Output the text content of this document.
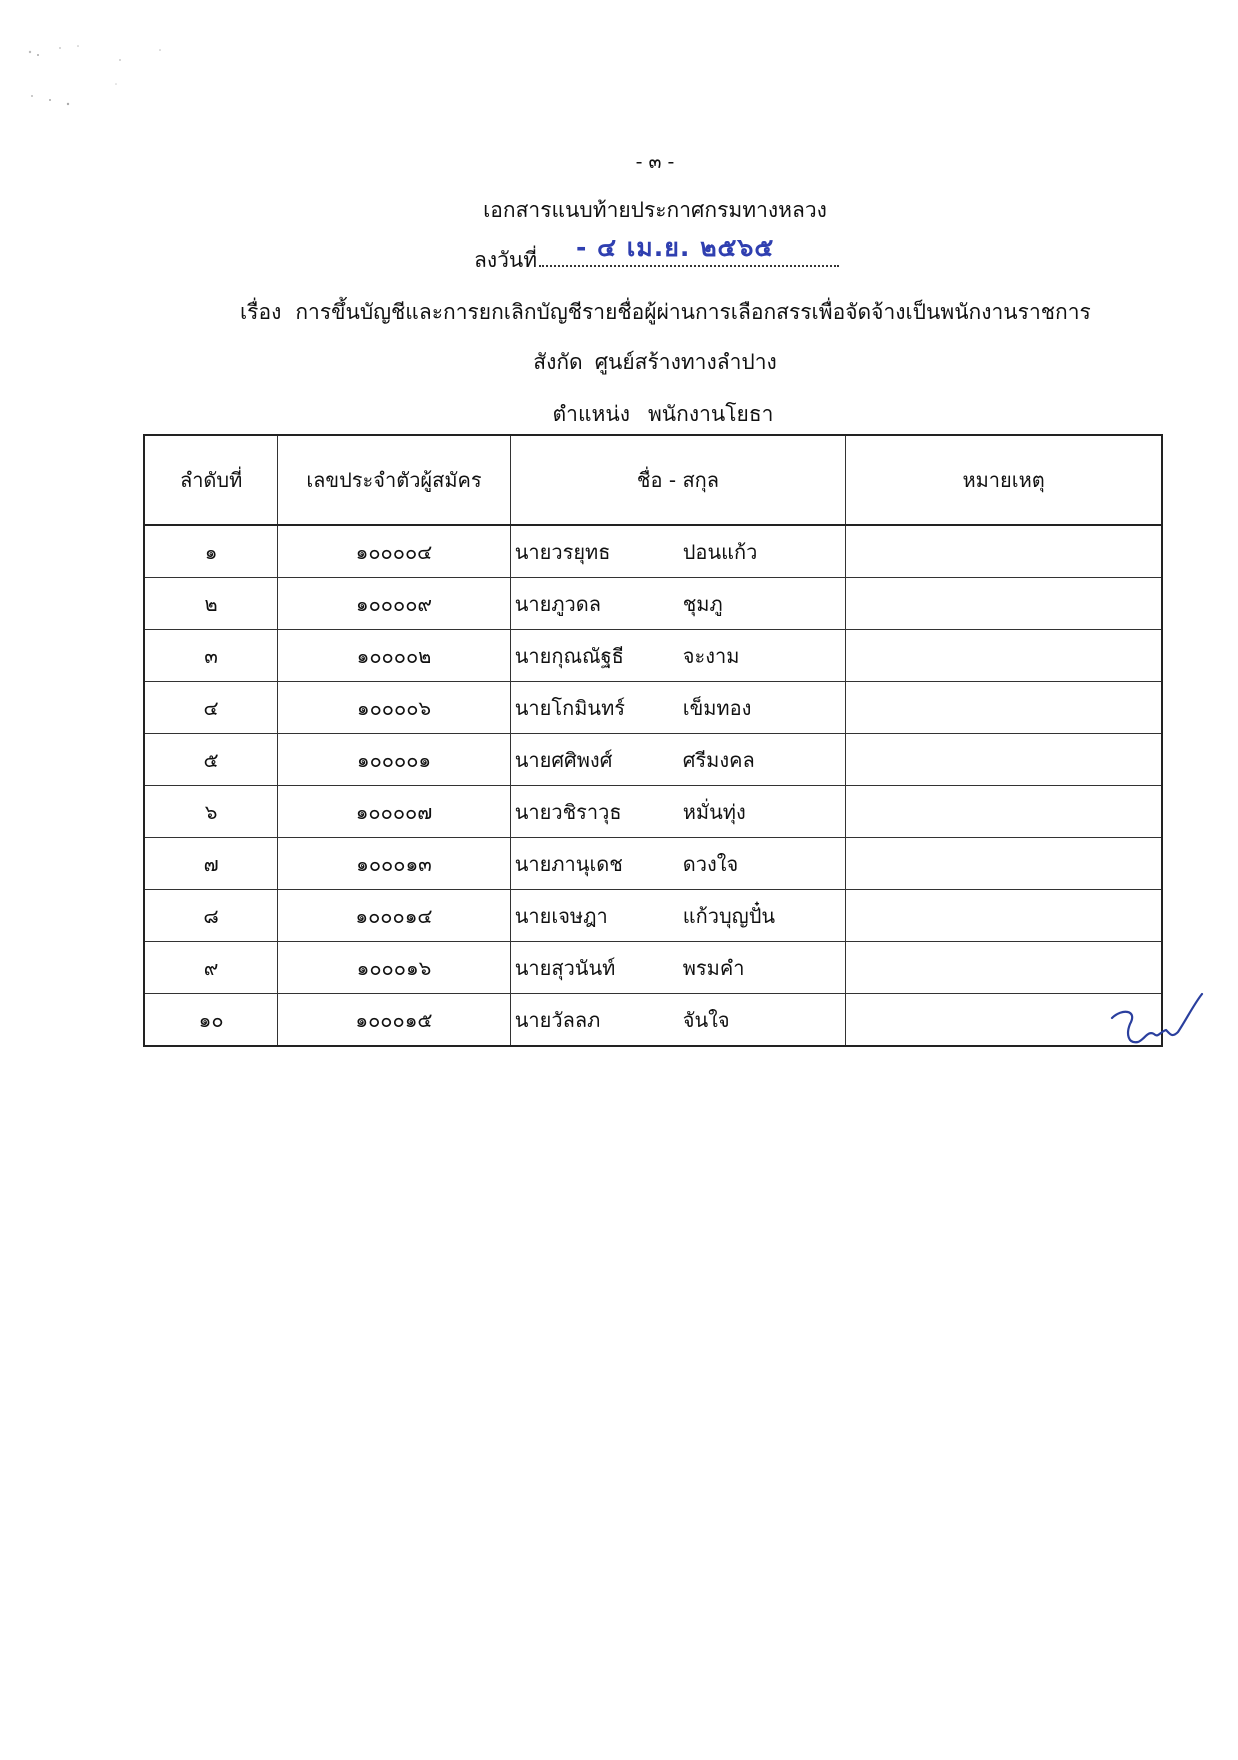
- ๓ -
เอกสารแนบท้ายประกาศกรมทางหลวง
ลงวันที่ - ๔ เม.ย. ๒๕๖๕
เรื่อง การขึ้นบัญชีและการยกเลิกบัญชีรายชื่อผู้ผ่านการเลือกสรรเพื่อจัดจ้างเป็นพนักงานราชการ
สังกัด ศูนย์สร้างทางลำปาง
ตำแหน่ง พนักงานโยธา
ลำดับที่	เลขประจำตัวผู้สมัคร	ชื่อ - สกุล	หมายเหตุ
๑	๑๐๐๐๐๔	นายวรยุทธ ปอนแก้ว	
๒	๑๐๐๐๐๙	นายภูวดล ชุมภู	
๓	๑๐๐๐๐๒	นายกุณณัฐธี จะงาม	
๔	๑๐๐๐๐๖	นายโกมินทร์ เข็มทอง	
๕	๑๐๐๐๐๑	นายศศิพงศ์ ศรีมงคล	
๖	๑๐๐๐๐๗	นายวชิราวุธ หมั่นทุ่ง	
๗	๑๐๐๐๑๓	นายภานุเดช ดวงใจ	
๘	๑๐๐๐๑๔	นายเจษฎา แก้วบุญปั๋น	
๙	๑๐๐๐๑๖	นายสุวนันท์ พรมคำ	
๑๐	๑๐๐๐๑๕	นายวัลลภ จันใจ	
